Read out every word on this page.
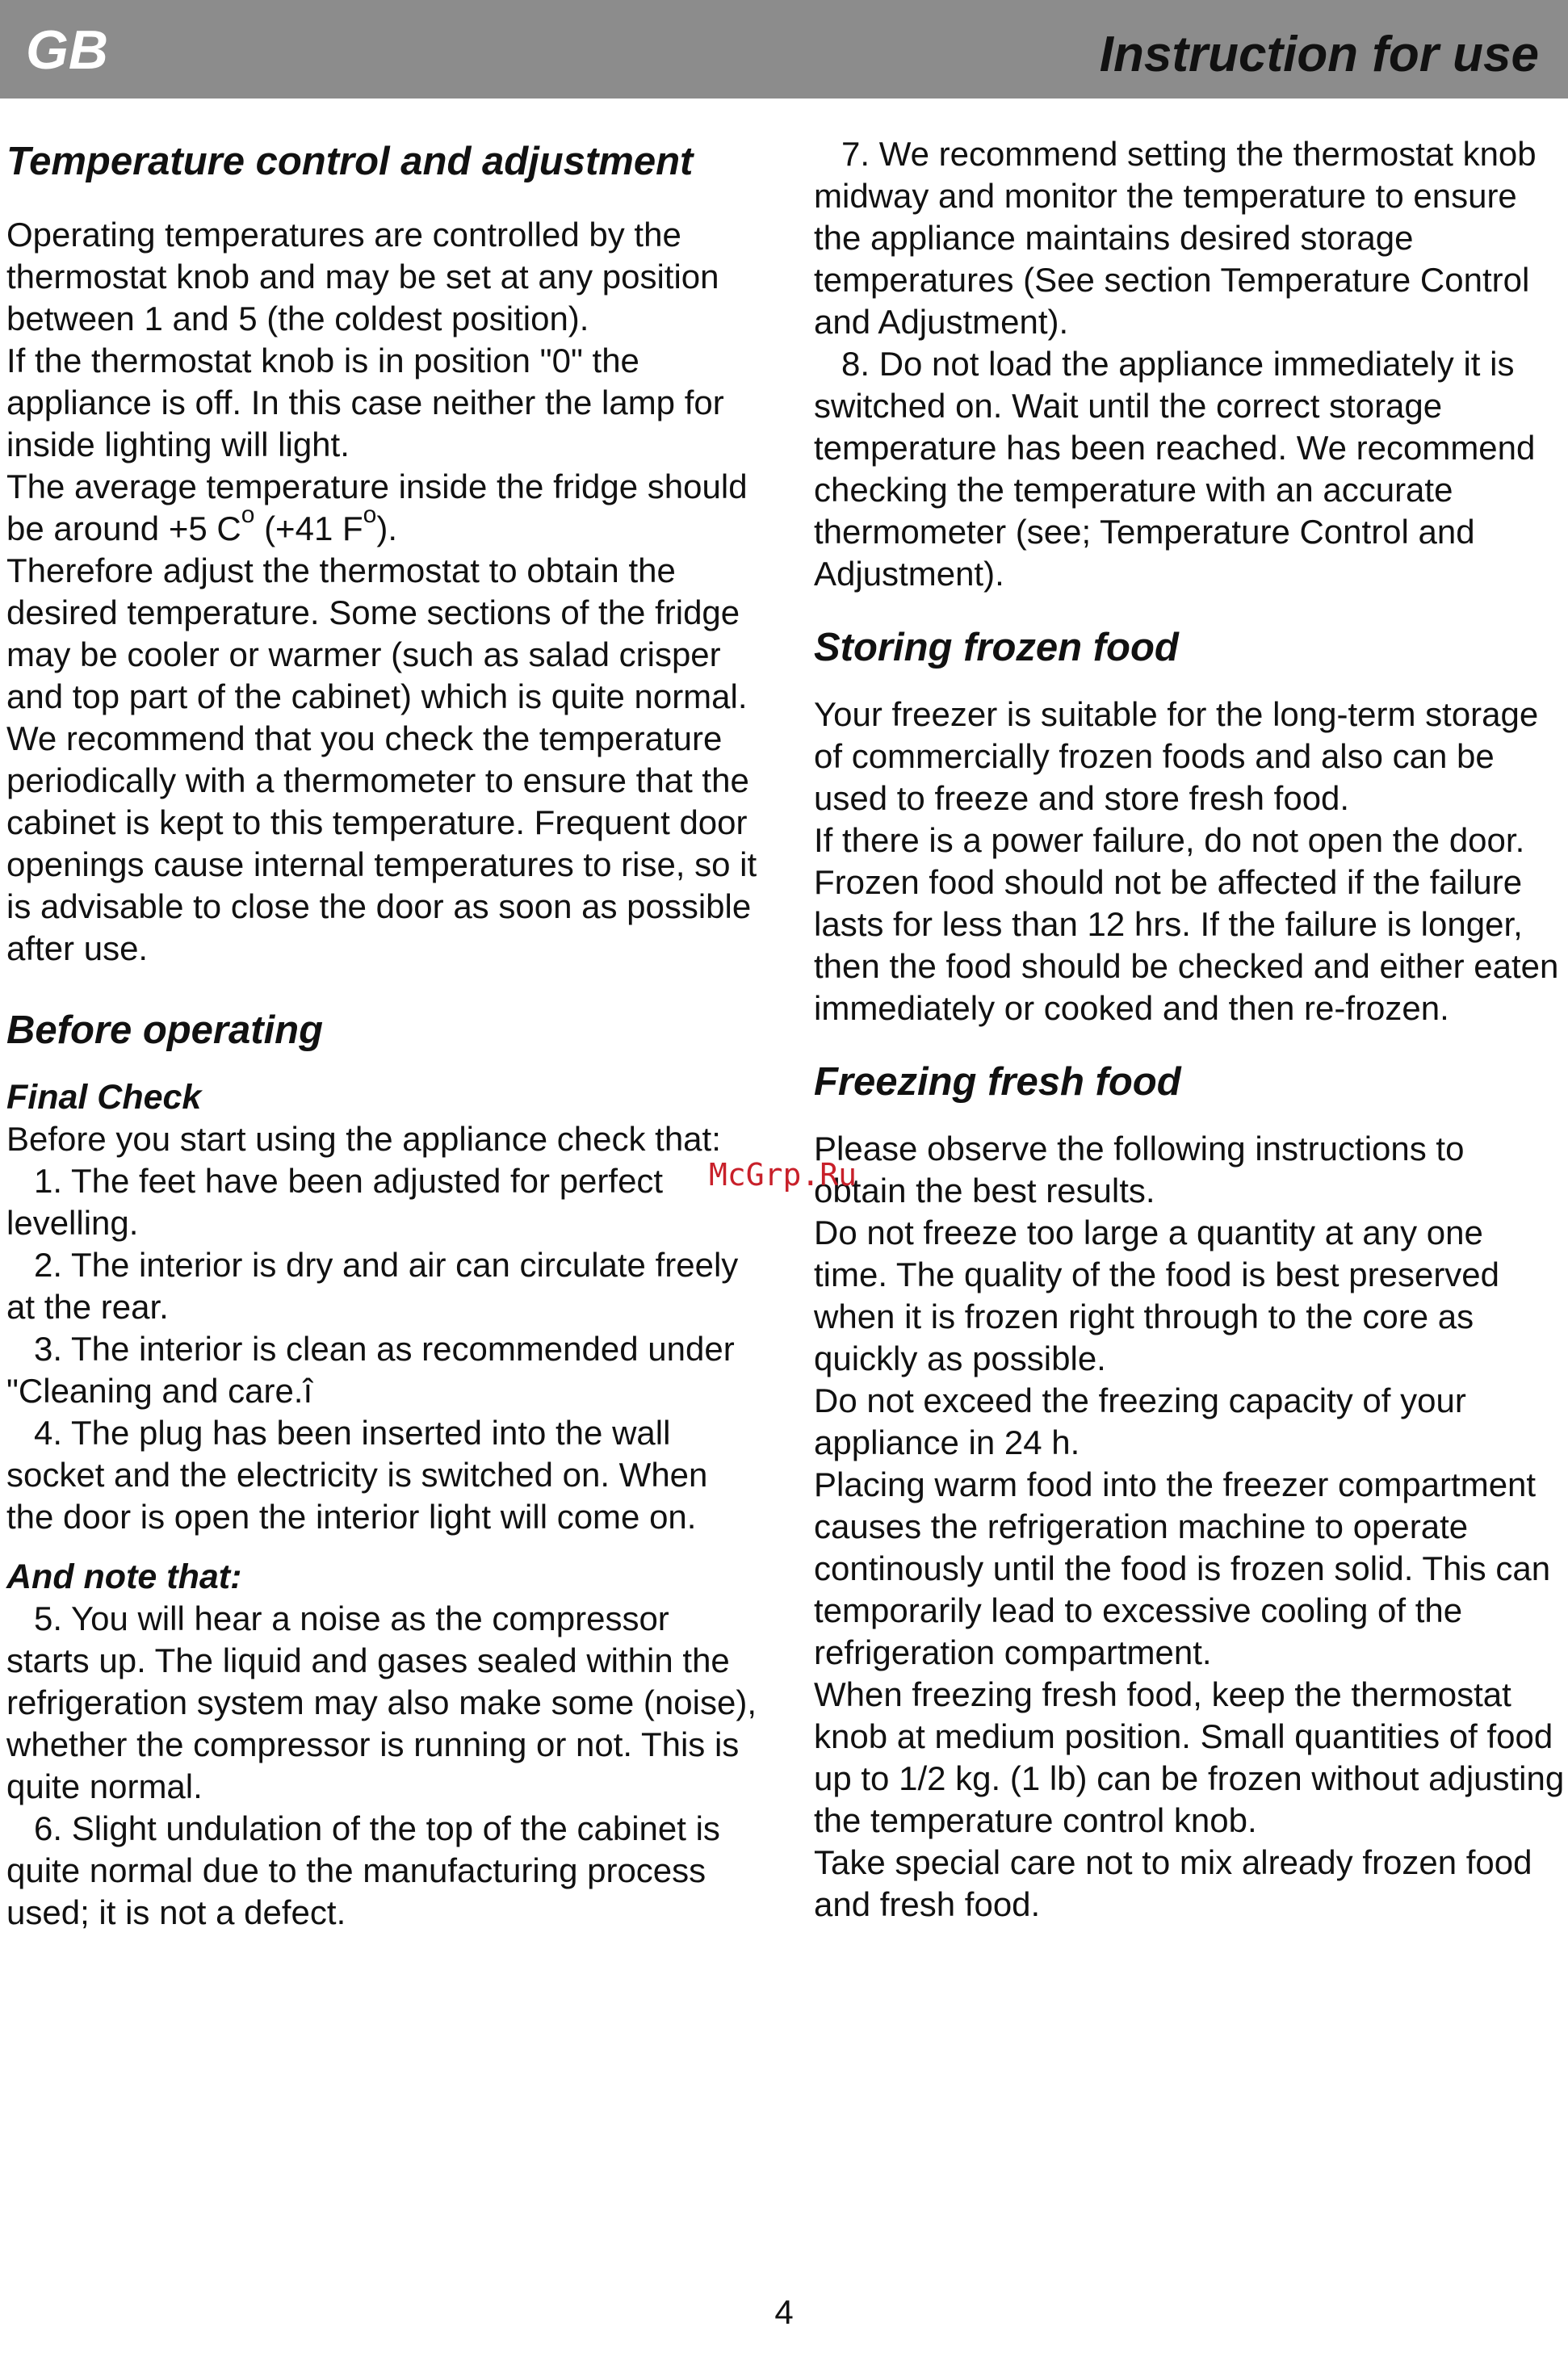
GB	Instruction for use
Temperature control and adjustment

Operating temperatures are controlled by the thermostat knob and may be set at any position between 1 and 5 (the coldest position).

If the thermostat knob is in position "0" the appliance is off. In this case neither the lamp for inside lighting will light.

The average temperature inside the fridge should be around +5 $C^o$ (+41 $F^o$).

Therefore adjust the thermostat to obtain the desired temperature. Some sections of the fridge may be cooler or warmer (such as salad crisper and top part of the cabinet) which is quite normal. We recommend that you check the temperature periodically with a thermometer to ensure that the cabinet is kept to this temperature. Frequent door openings cause internal temperatures to rise, so it is advisable to close the door as soon as possible after use.

Before operating
Final Check

Before you start using the appliance check that:

1. The feet have been adjusted for perfect levelling.

2. The interior is dry and air can circulate freely at the rear.

3. The interior is clean as recommended under "Cleaning and care.î

4. The plug has been inserted into the wall socket and the electricity is switched on. When the door is open the interior light will come on.

And note that:

5. You will hear a noise as the compressor starts up. The liquid and gases sealed within the refrigeration system may also make some (noise), whether the compressor is running or not. This is quite normal.

6. Slight undulation of the top of the cabinet is quite normal due to the manufacturing process used; it is not a defect.

7. We recommend setting the thermostat knob midway and monitor the temperature to ensure the appliance maintains desired storage temperatures (See section Temperature Control and Adjustment).

8. Do not load the appliance immediately it is switched on. Wait until the correct storage temperature has been reached. We recommend checking the temperature with an accurate thermometer (see; Temperature Control and Adjustment).

Storing frozen food

Your freezer is suitable for the long-term storage of commercially frozen foods and also can be used to freeze and store fresh food.

If there is a power failure, do not open the door. Frozen food should not be affected if the failure lasts for less than 12 hrs. If the failure is longer, then the food should be checked and either eaten immediately or cooked and then re-frozen.

Freezing fresh food

Please observe the following instructions to obtain the best results.

Do not freeze too large a quantity at any one time. The quality of the food is best preserved when it is frozen right through to the core as quickly as possible.

Do not exceed the freezing capacity of your appliance in 24 h.

Placing warm food into the freezer compartment causes the refrigeration machine to operate continously until the food is frozen solid. This can temporarily lead to excessive cooling of the refrigeration compartment.

When freezing fresh food, keep the thermostat knob at medium position. Small quantities of food up to 1/2 kg. (1 lb) can be frozen without adjusting the temperature control knob.

Take special care not to mix already frozen food and fresh food.

McGrp.Ru
4
